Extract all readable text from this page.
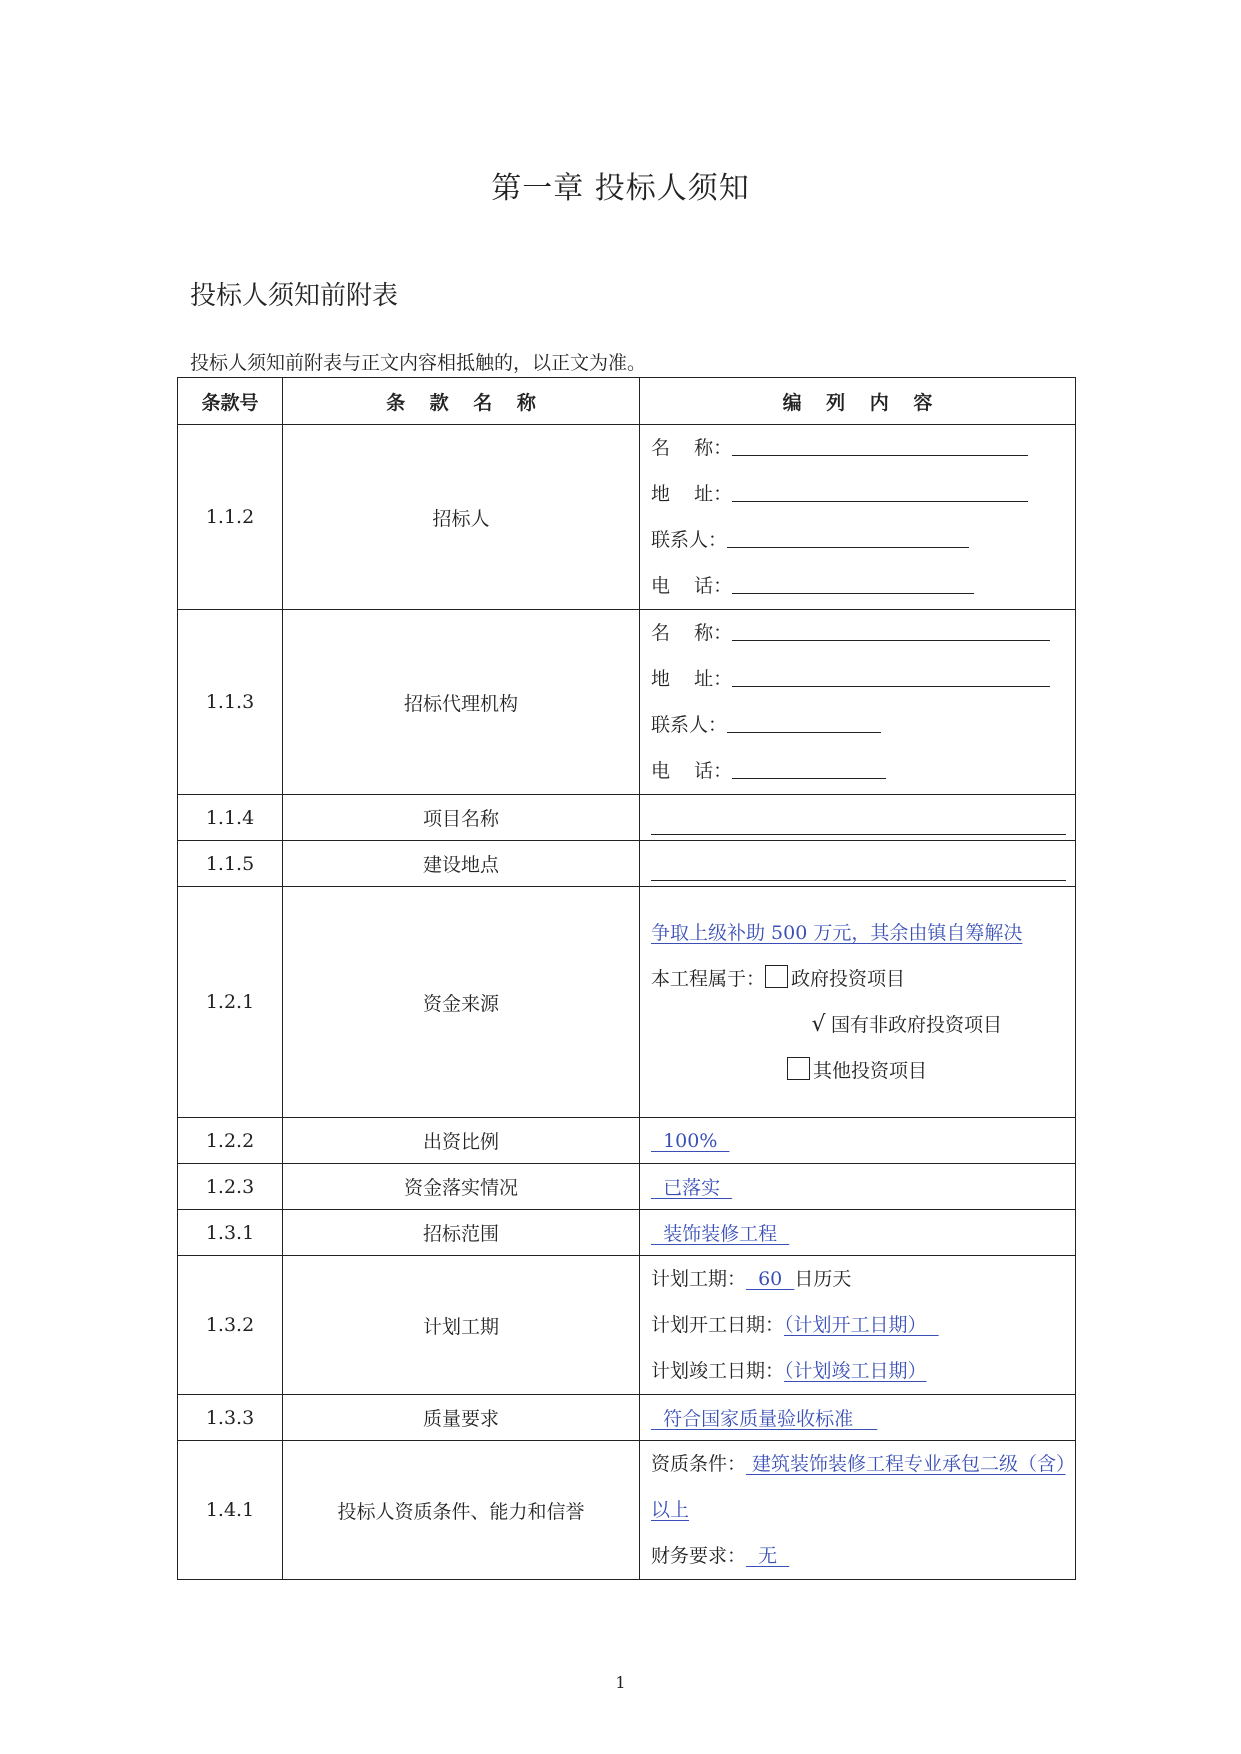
第一章 投标人须知
投标人须知前附表
投标人须知前附表与正文内容相抵触的，以正文为准。
条款号	条 款 名 称	编 列 内 容
1.1.2	招标人	名    称：
地    址：
联系人：
电    话：

1.1.3	招标代理机构	名    称：
地    址：
联系人：
电    话：

1.1.4	项目名称	

1.1.5	建设地点	

1.2.1	资金来源	争取上级补助 500 万元，其余由镇自筹解决
本工程属于： 政府投资项目
√ 国有非政府投资项目
其他投资项目

1.2.2	出资比例	100%
1.2.3	资金落实情况	已落实
1.3.1	招标范围	装饰装修工程
1.3.2	计划工期	计划工期：  60  日历天
计划开工日期：（计划开工日期）
计划竣工日期：（计划竣工日期）

1.3.3	质量要求	符合国家质量验收标准
1.4.1	投标人资质条件、能力和信誉	资质条件： 建筑装饰装修工程专业承包二级（含）以上
财务要求：  无
1
